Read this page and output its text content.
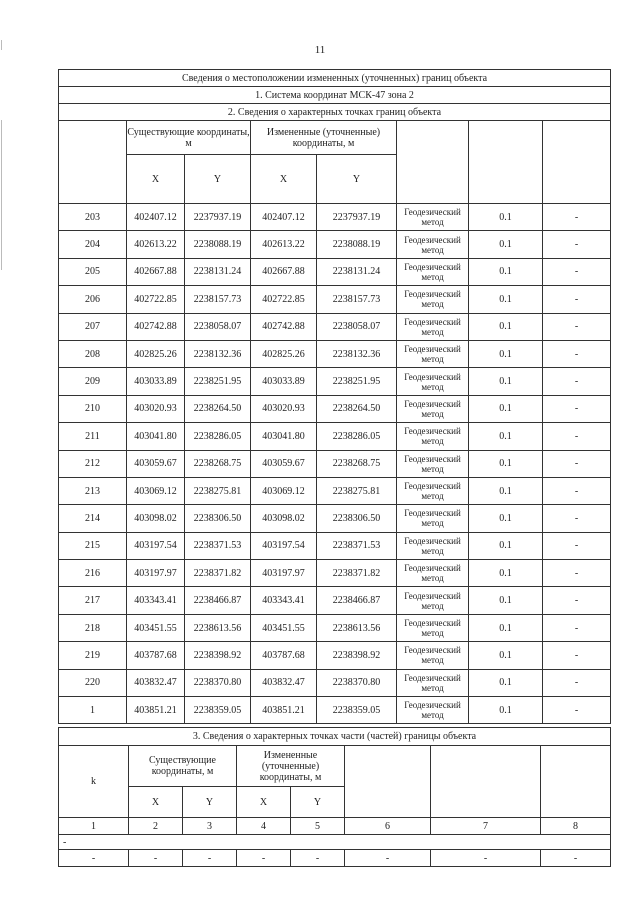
11
Сведения о местоположении измененных (уточненных) границ объекта							
1. Система координат МСК-47 зона 2							
2. Сведения о характерных точках границ объекта							
	Существующие координаты, м		Измененные (уточненные) координаты, м				
	X	Y	X	Y			
203	402407.12	2237937.19	402407.12	2237937.19	Геодезический метод	0.1	-
204	402613.22	2238088.19	402613.22	2238088.19	Геодезический метод	0.1	-
205	402667.88	2238131.24	402667.88	2238131.24	Геодезический метод	0.1	-
206	402722.85	2238157.73	402722.85	2238157.73	Геодезический метод	0.1	-
207	402742.88	2238058.07	402742.88	2238058.07	Геодезический метод	0.1	-
208	402825.26	2238132.36	402825.26	2238132.36	Геодезический метод	0.1	-
209	403033.89	2238251.95	403033.89	2238251.95	Геодезический метод	0.1	-
210	403020.93	2238264.50	403020.93	2238264.50	Геодезический метод	0.1	-
211	403041.80	2238286.05	403041.80	2238286.05	Геодезический метод	0.1	-
212	403059.67	2238268.75	403059.67	2238268.75	Геодезический метод	0.1	-
213	403069.12	2238275.81	403069.12	2238275.81	Геодезический метод	0.1	-
214	403098.02	2238306.50	403098.02	2238306.50	Геодезический метод	0.1	-
215	403197.54	2238371.53	403197.54	2238371.53	Геодезический метод	0.1	-
216	403197.97	2238371.82	403197.97	2238371.82	Геодезический метод	0.1	-
217	403343.41	2238466.87	403343.41	2238466.87	Геодезический метод	0.1	-
218	403451.55	2238613.56	403451.55	2238613.56	Геодезический метод	0.1	-
219	403787.68	2238398.92	403787.68	2238398.92	Геодезический метод	0.1	-
220	403832.47	2238370.80	403832.47	2238370.80	Геодезический метод	0.1	-
1	403851.21	2238359.05	403851.21	2238359.05	Геодезический метод	0.1	-
3. Сведения о характерных точках части (частей) границы объекта							
k	Существующие координаты, м		Измененные (уточненные) координаты, м				
	X	Y	X	Y			
1	2	3	4	5	6	7	8
-							
-	-	-	-	-	-	-	-
